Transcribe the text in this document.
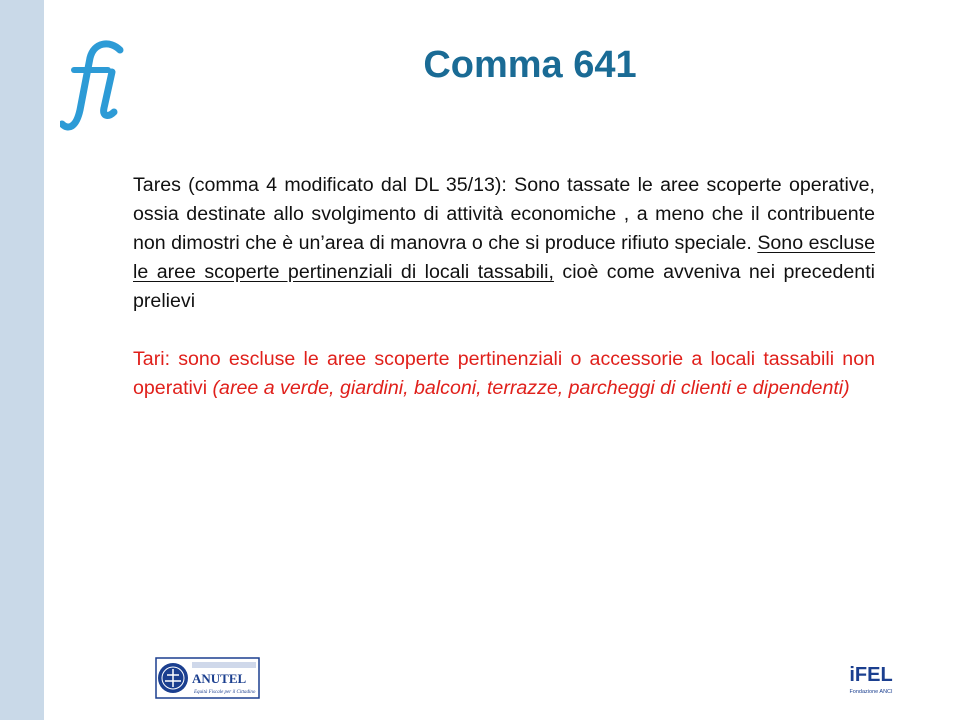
Comma 641

Tares (comma 4 modificato dal DL 35/13): Sono tassate le aree scoperte operative, ossia destinate allo svolgimento di attività economiche , a meno che il contribuente non dimostri che è un’area di manovra o che si produce rifiuto speciale. Sono escluse le aree scoperte pertinenziali di locali tassabili, cioè come avveniva nei precedenti prelievi

Tari: sono escluse le aree scoperte pertinenziali o accessorie a locali tassabili non operativi (aree a verde, giardini, balconi, terrazze, parcheggi di clienti e dipendenti)

ANUTEL
Equità Fiscale per il Cittadino
iFEL
Fondazione ANCI
